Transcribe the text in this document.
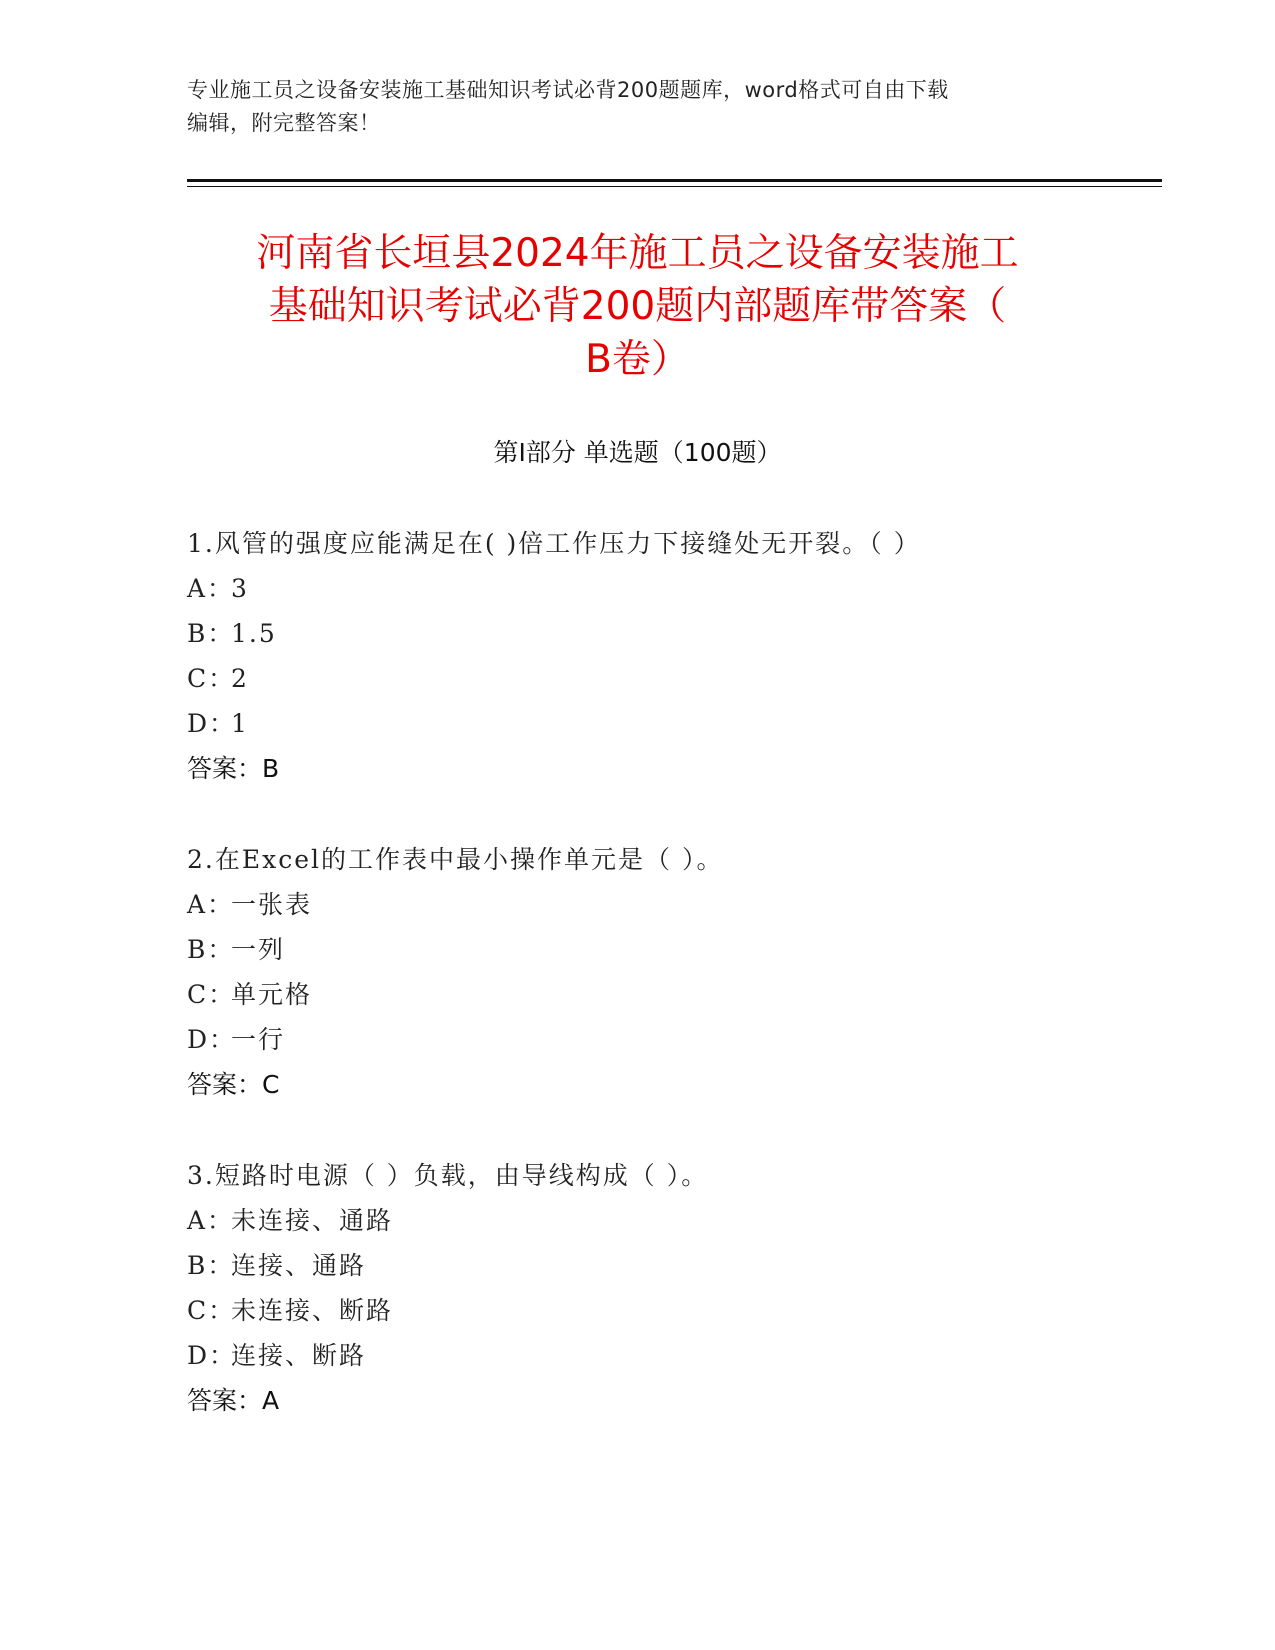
专业施工员之设备安装施工基础知识考试必背200题题库，word格式可自由下载
编辑，附完整答案！
河南省长垣县2024年施工员之设备安装施工
基础知识考试必背200题内部题库带答案（
B卷）
第I部分 单选题（100题）
1.风管的强度应能满足在( )倍工作压力下接缝处无开裂。（ ）
A：3
B：1.5
C：2
D：1
答案：B
2.在Excel的工作表中最小操作单元是（ ）。
A：一张表
B：一列
C：单元格
D：一行
答案：C
3.短路时电源（ ）负载，由导线构成（ ）。
A：未连接、通路
B：连接、通路
C：未连接、断路
D：连接、断路
答案：A
